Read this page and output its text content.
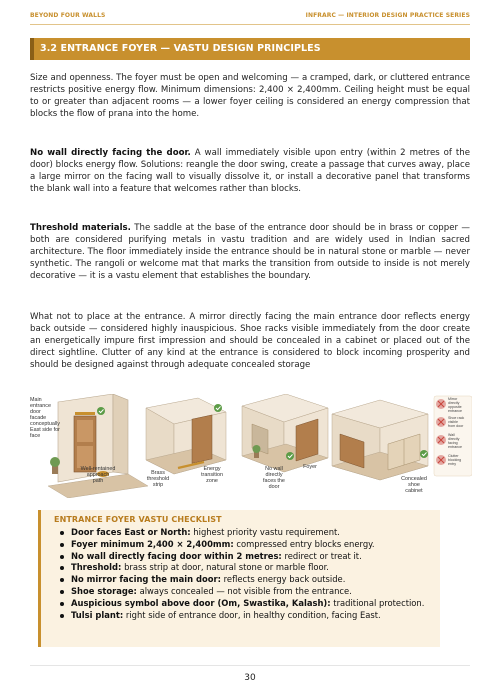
BEYOND FOUR WALLS	INFRARC — INTERIOR DESIGN PRACTICE SERIES
3.2 ENTRANCE FOYER — VASTU DESIGN PRINCIPLES

Size and openness. The foyer must be open and welcoming — a cramped, dark, or cluttered entrance restricts positive energy flow. Minimum dimensions: 2,400 × 2,400mm. Ceiling height must be equal to or greater than adjacent rooms — a lower foyer ceiling is considered an energy compression that blocks the flow of prana into the home.

No wall directly facing the door. A wall immediately visible upon entry (within 2 metres of the door) blocks energy flow. Solutions: reangle the door swing, create a passage that curves away, place a large mirror on the facing wall to visually dissolve it, or install a decorative panel that transforms the blank wall into a feature that welcomes rather than blocks.

Threshold materials. The saddle at the base of the entrance door should be in brass or copper — both are considered purifying metals in vastu tradition and are widely used in Indian sacred architecture. The floor immediately inside the entrance should be in natural stone or marble — never synthetic. The rangoli or welcome mat that marks the transition from outside to inside is not merely decorative — it is a vastu element that establishes the boundary.

What not to place at the entrance. A mirror directly facing the main entrance door reflects energy back outside — considered highly inauspicious. Shoe racks visible immediately from the door create an energetically impure first impression and should be concealed in a cabinet or placed out of the direct sightline. Clutter of any kind at the entrance is considered to block incoming prosperity and should be designed against through adequate concealed storage

Main
entrance
door
facade
conceptually
East side for
face
Well-rentained
approach
path
Brass
threshold
strip
Energy
transition
zone
No wall
directly
faces the
door
Foyer
Concealed
shoe
cabinet
Mirror
directly
opposite
entrance
Shoe rack
visible
from door
Wall
directly
facing
entrance
Clutter
blocking
entry
ENTRANCE FOYER VASTU CHECKLIST
Door faces East or North: highest priority vastu requirement.
Foyer minimum 2,400 × 2,400mm: compressed entry blocks energy.
No wall directly facing door within 2 metres: redirect or treat it.
Threshold: brass strip at door, natural stone or marble floor.
No mirror facing the main door: reflects energy back outside.
Shoe storage: always concealed — not visible from the entrance.
Auspicious symbol above door (Om, Swastika, Kalash): traditional protection.
Tulsi plant: right side of entrance door, in healthy condition, facing East.
30
